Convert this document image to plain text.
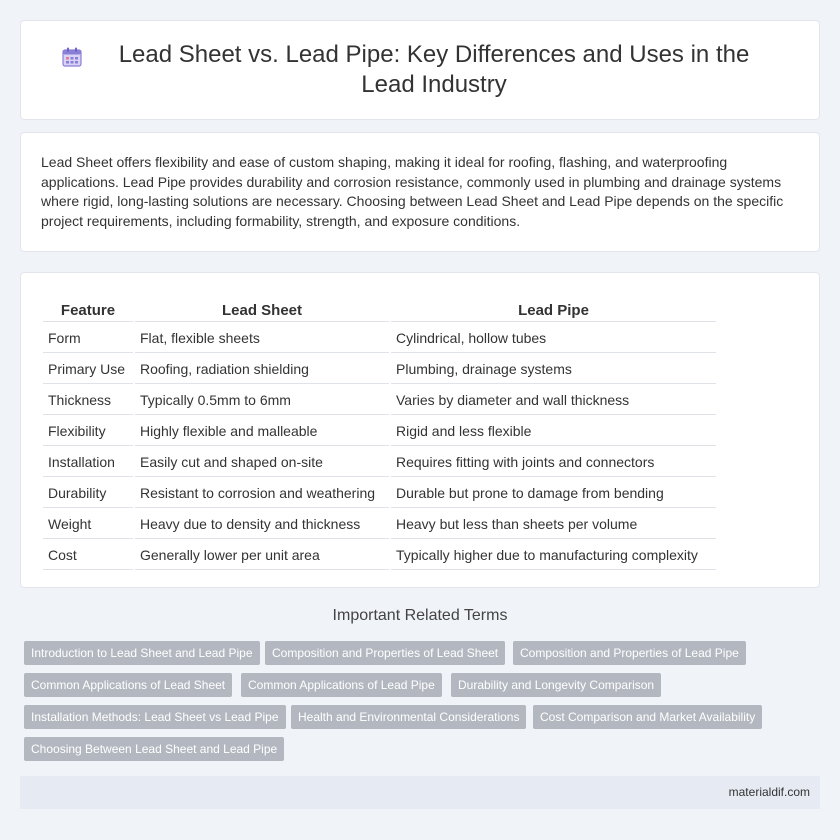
Lead Sheet vs. Lead Pipe: Key Differences and Uses in the Lead Industry

Lead Sheet offers flexibility and ease of custom shaping, making it ideal for roofing, flashing, and waterproofing applications. Lead Pipe provides durability and corrosion resistance, commonly used in plumbing and drainage systems where rigid, long-lasting solutions are necessary. Choosing between Lead Sheet and Lead Pipe depends on the specific project requirements, including formability, strength, and exposure conditions.

Feature	Lead Sheet	Lead Pipe
Form	Flat, flexible sheets	Cylindrical, hollow tubes
Primary Use	Roofing, radiation shielding	Plumbing, drainage systems
Thickness	Typically 0.5mm to 6mm	Varies by diameter and wall thickness
Flexibility	Highly flexible and malleable	Rigid and less flexible
Installation	Easily cut and shaped on-site	Requires fitting with joints and connectors
Durability	Resistant to corrosion and weathering	Durable but prone to damage from bending
Weight	Heavy due to density and thickness	Heavy but less than sheets per volume
Cost	Generally lower per unit area	Typically higher due to manufacturing complexity
Important Related Terms
Introduction to Lead Sheet and Lead Pipe	Composition and Properties of Lead Sheet	Composition and Properties of Lead Pipe
Common Applications of Lead Sheet	Common Applications of Lead Pipe	Durability and Longevity Comparison
Installation Methods: Lead Sheet vs Lead Pipe	Health and Environmental Considerations	Cost Comparison and Market Availability
Choosing Between Lead Sheet and Lead Pipe
materialdif.com
